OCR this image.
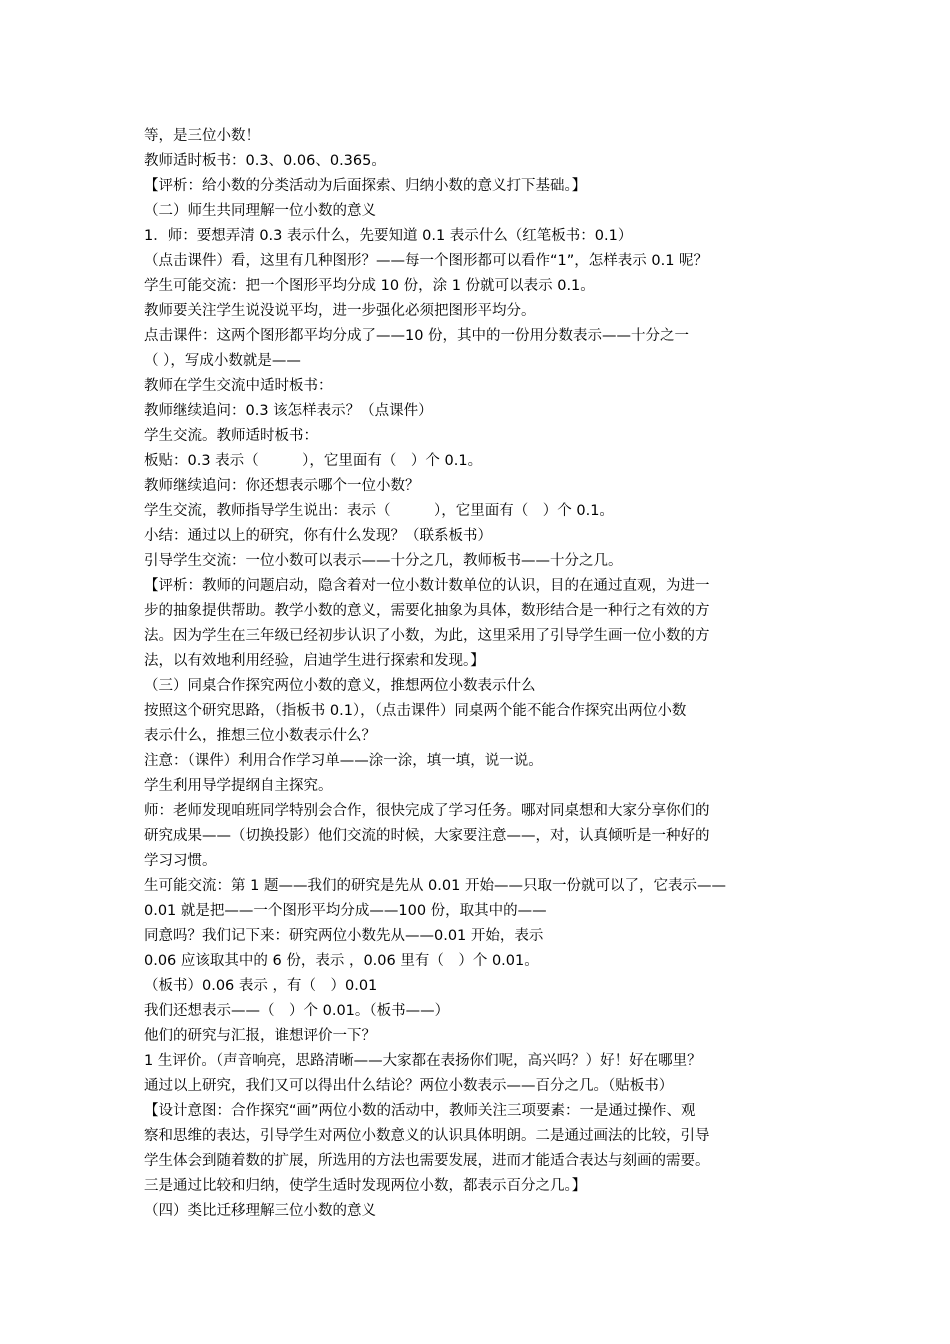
等，是三位小数！

教师适时板书：0.3、0.06、0.365。

【评析：给小数的分类活动为后面探索、归纳小数的意义打下基础。】

（二）师生共同理解一位小数的意义

1．师：要想弄清 0.3 表示什么，先要知道 0.1 表示什么（红笔板书：0.1）

（点击课件）看，这里有几种图形？——每一个图形都可以看作“1”，怎样表示 0.1 呢？

学生可能交流：把一个图形平均分成 10 份，涂 1 份就可以表示 0.1。

教师要关注学生说没说平均，进一步强化必须把图形平均分。

点击课件：这两个图形都平均分成了——10 份，其中的一份用分数表示——十分之一

（ ），写成小数就是——

教师在学生交流中适时板书：

教师继续追问：0.3 该怎样表示？（点课件）

学生交流。教师适时板书：

板贴：0.3 表示（　　　），它里面有（　）个 0.1。

教师继续追问：你还想表示哪个一位小数？

学生交流，教师指导学生说出：表示（　　　），它里面有（　）个 0.1。

小结：通过以上的研究，你有什么发现？（联系板书）

引导学生交流：一位小数可以表示——十分之几，教师板书——十分之几。

【评析：教师的问题启动，隐含着对一位小数计数单位的认识，目的在通过直观，为进一

步的抽象提供帮助。教学小数的意义，需要化抽象为具体，数形结合是一种行之有效的方

法。因为学生在三年级已经初步认识了小数，为此，这里采用了引导学生画一位小数的方

法，以有效地利用经验，启迪学生进行探索和发现。】

（三）同桌合作探究两位小数的意义，推想两位小数表示什么

按照这个研究思路，（指板书 0.1），（点击课件）同桌两个能不能合作探究出两位小数

表示什么，推想三位小数表示什么？

注意：（课件）利用合作学习单——涂一涂，填一填，说一说。

学生利用导学提纲自主探究。

师：老师发现咱班同学特别会合作，很快完成了学习任务。哪对同桌想和大家分享你们的

研究成果——（切换投影）他们交流的时候，大家要注意——，对，认真倾听是一种好的

学习习惯。

生可能交流：第 1 题——我们的研究是先从 0.01 开始——只取一份就可以了，它表示——

0.01 就是把——一个图形平均分成——100 份，取其中的——

同意吗？我们记下来：研究两位小数先从——0.01 开始，表示

0.06 应该取其中的 6 份，表示 ，0.06 里有（　）个 0.01。

（板书）0.06 表示 ，有（　）0.01

我们还想表示——（　）个 0.01。（板书——）

他们的研究与汇报，谁想评价一下？

1 生评价。（声音响亮，思路清晰——大家都在表扬你们呢，高兴吗？）好！好在哪里？

通过以上研究，我们又可以得出什么结论？两位小数表示——百分之几。（贴板书）

【设计意图：合作探究“画”两位小数的活动中，教师关注三项要素：一是通过操作、观

察和思维的表达，引导学生对两位小数意义的认识具体明朗。二是通过画法的比较，引导

学生体会到随着数的扩展，所选用的方法也需要发展，进而才能适合表达与刻画的需要。

三是通过比较和归纳，使学生适时发现两位小数，都表示百分之几。】

（四）类比迁移理解三位小数的意义
